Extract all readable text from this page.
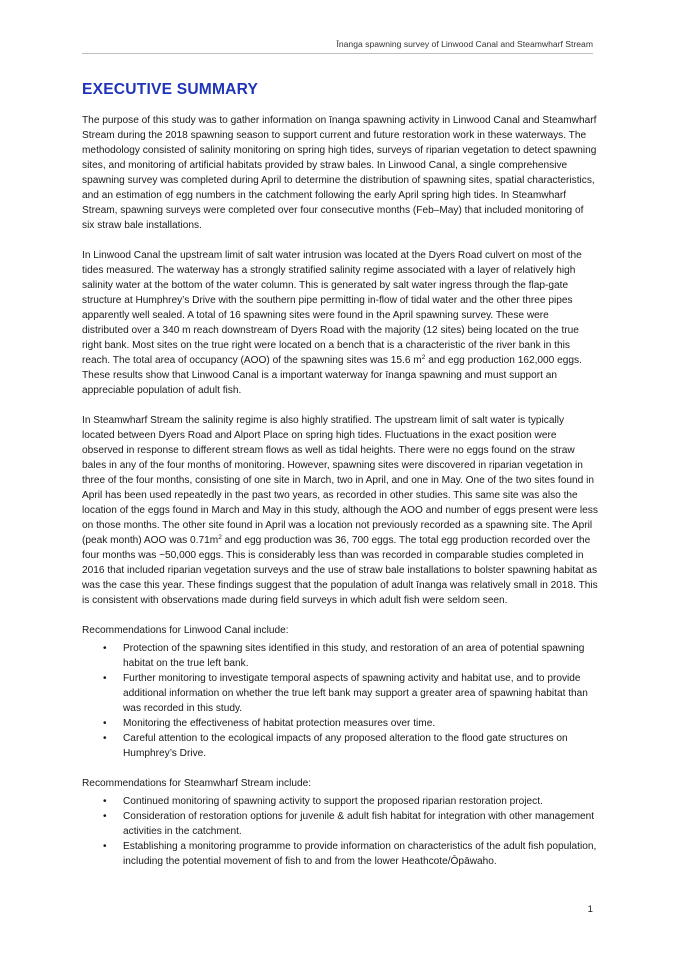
Īnanga spawning survey of Linwood Canal and Steamwharf Stream
EXECUTIVE SUMMARY

The purpose of this study was to gather information on īnanga spawning activity in Linwood Canal and Steamwharf Stream during the 2018 spawning season to support current and future restoration work in these waterways. The methodology consisted of salinity monitoring on spring high tides, surveys of riparian vegetation to detect spawning sites, and monitoring of artificial habitats provided by straw bales. In Linwood Canal, a single comprehensive spawning survey was completed during April to determine the distribution of spawning sites, spatial characteristics, and an estimation of egg numbers in the catchment following the early April spring high tides. In Steamwharf Stream, spawning surveys were completed over four consecutive months (Feb–May) that included monitoring of six straw bale installations.

In Linwood Canal the upstream limit of salt water intrusion was located at the Dyers Road culvert on most of the tides measured. The waterway has a strongly stratified salinity regime associated with a layer of relatively high salinity water at the bottom of the water column. This is generated by salt water ingress through the flap-gate structure at Humphrey’s Drive with the southern pipe permitting in-flow of tidal water and the other three pipes apparently well sealed. A total of 16 spawning sites were found in the April spawning survey. These were distributed over a 340 m reach downstream of Dyers Road with the majority (12 sites) being located on the true right bank. Most sites on the true right were located on a bench that is a characteristic of the river bank in this reach. The total area of occupancy (AOO) of the spawning sites was 15.6 $m^2$ and egg production 162,000 eggs. These results show that Linwood Canal is a important waterway for īnanga spawning and must support an appreciable population of adult fish.

In Steamwharf Stream the salinity regime is also highly stratified. The upstream limit of salt water is typically located between Dyers Road and Alport Place on spring high tides. Fluctuations in the exact position were observed in response to different stream flows as well as tidal heights. There were no eggs found on the straw bales in any of the four months of monitoring. However, spawning sites were discovered in riparian vegetation in three of the four months, consisting of one site in March, two in April, and one in May. One of the two sites found in April has been used repeatedly in the past two years, as recorded in other studies. This same site was also the location of the eggs found in March and May in this study, although the AOO and number of eggs present were less on those months. The other site found in April was a location not previously recorded as a spawning site. The April (peak month) AOO was $0.71m^2$ and egg production was 36, 700 eggs. The total egg production recorded over the four months was ~50,000 eggs. This is considerably less than was recorded in comparable studies completed in 2016 that included riparian vegetation surveys and the use of straw bale installations to bolster spawning habitat as was the case this year. These findings suggest that the population of adult īnanga was relatively small in 2018. This is consistent with observations made during field surveys in which adult fish were seldom seen.

Recommendations for Linwood Canal include:

• Protection of the spawning sites identified in this study, and restoration of an area of potential spawning habitat on the true left bank.
• Further monitoring to investigate temporal aspects of spawning activity and habitat use, and to provide additional information on whether the true left bank may support a greater area of spawning habitat than was recorded in this study.
• Monitoring the effectiveness of habitat protection measures over time.
• Careful attention to the ecological impacts of any proposed alteration to the flood gate structures on Humphrey’s Drive.

Recommendations for Steamwharf Stream include:

• Continued monitoring of spawning activity to support the proposed riparian restoration project.
• Consideration of restoration options for juvenile & adult fish habitat for integration with other management activities in the catchment.
• Establishing a monitoring programme to provide information on characteristics of the adult fish population, including the potential movement of fish to and from the lower Heathcote/Ōpāwaho.
1
